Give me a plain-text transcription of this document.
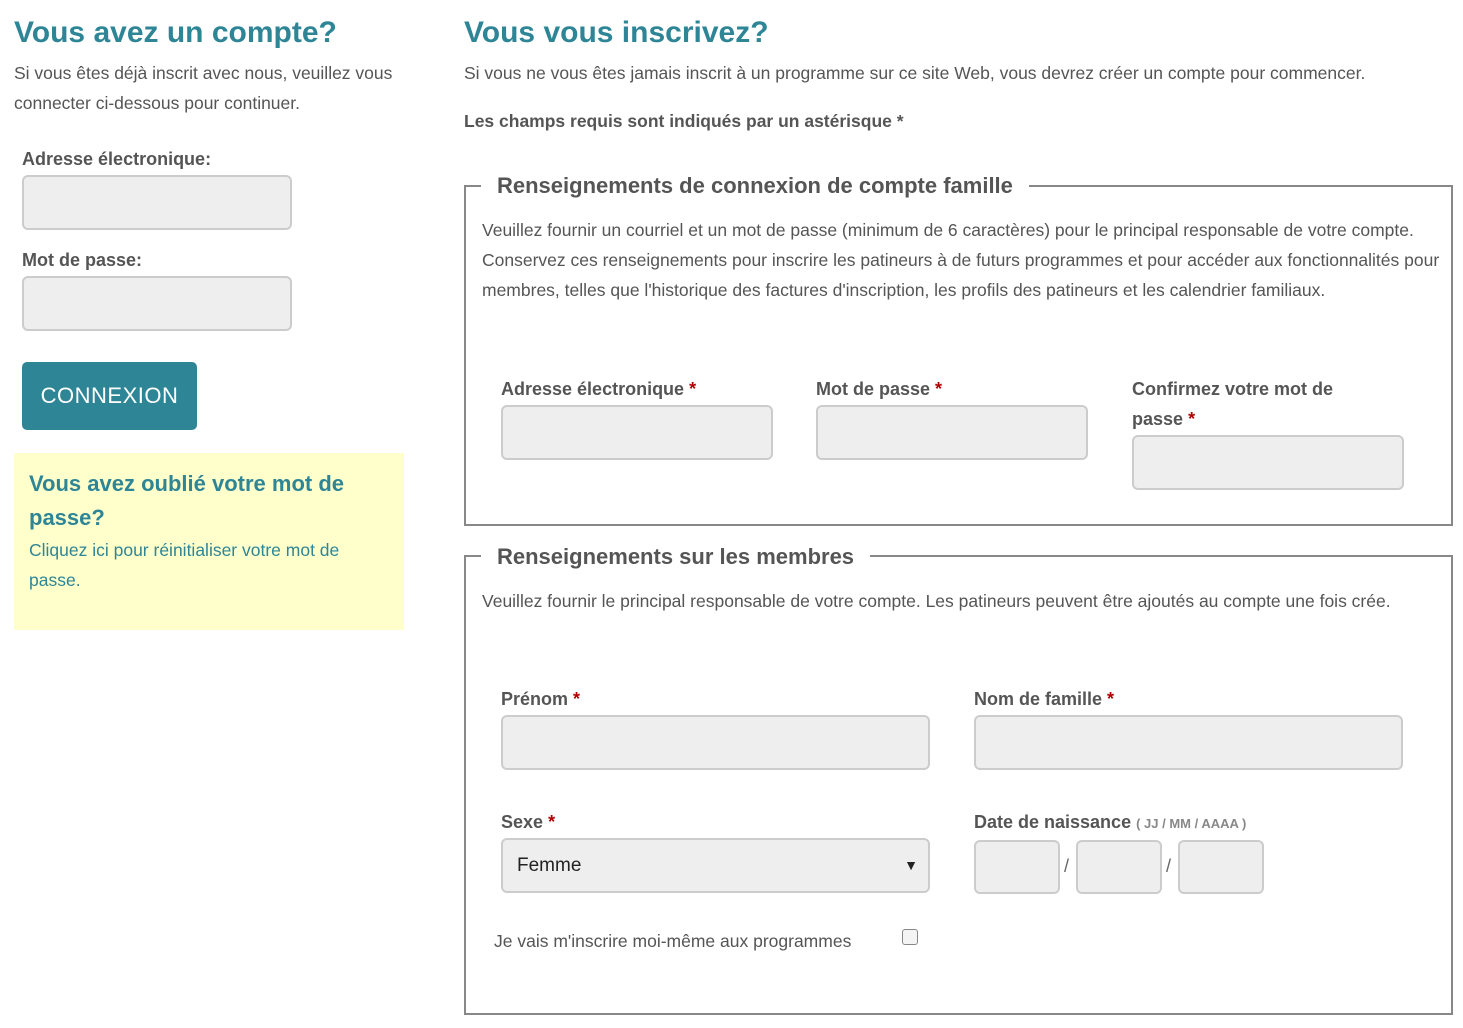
Vous avez un compte?
Si vous êtes déjà inscrit avec nous, veuillez vous connecter ci-dessous pour continuer.
Adresse électronique:
Mot de passe:
CONNEXION
Vous avez oublié votre mot de passe?
Cliquez ici pour réinitialiser votre mot de passe.
Vous vous inscrivez?
Si vous ne vous êtes jamais inscrit à un programme sur ce site Web, vous devrez créer un compte pour commencer.
Les champs requis sont indiqués par un astérisque *
Renseignements de connexion de compte famille
Veuillez fournir un courriel et un mot de passe (minimum de 6 caractères) pour le principal responsable de votre compte. Conservez ces renseignements pour inscrire les patineurs à de futurs programmes et pour accéder aux fonctionnalités pour membres, telles que l'historique des factures d'inscription, les profils des patineurs et les calendrier familiaux.
Adresse électronique *	Mot de passe *	Confirmez votre mot de passe *
Renseignements sur les membres
Veuillez fournir le principal responsable de votre compte. Les patineurs peuvent être ajoutés au compte une fois crée.
Prénom *	Nom de famille *
Sexe *
Femme	▼
Date de naissance ( JJ / MM / AAAA )
/	/
Je vais m'inscrire moi-même aux programmes
